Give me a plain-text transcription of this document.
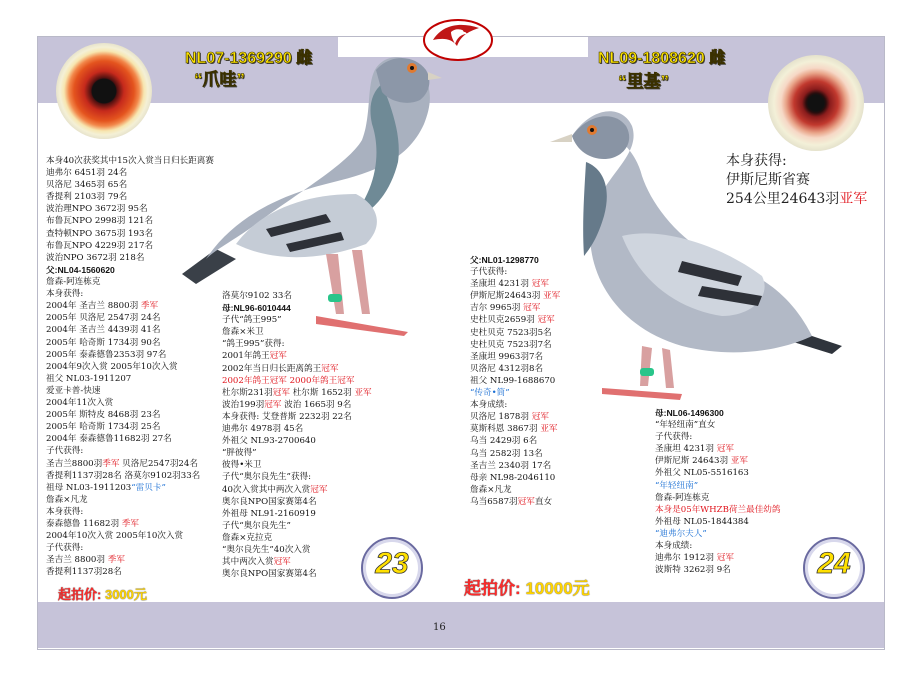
NL07-1369290 雌
“爪哇”
NL09-1808620 雌
“里基”
本身40次获奖其中15次入赏当日归长距离赛
迪弗尔 6451羽 24名
贝洛尼 3465羽 65名
香提利 2103羽 79名
波治理NPO 3672羽 95名
布鲁瓦NPO 2998羽 121名
查特顿NPO 3675羽 193名
布鲁瓦NPO 4229羽 217名
波治NPO 3672羽 218名
父:NL04-1560620
詹森-阿连栋克
本身获得:
2004年 圣吉兰 8800羽 季军
2005年 贝洛尼 2547羽 24名
2004年 圣吉兰 4439羽 41名
2005年 哈奇斯 1734羽 90名
2005年 泰森德鲁2353羽 97名
2004年9次入赏 2005年10次入赏
祖父 NL03-1911207
爱亚卡普-快速
2004年11次入赏
2005年 斯特皮 8468羽 23名
2005年 哈奇斯 1734羽 25名
2004年 泰森德鲁11682羽 27名
子代获得:
圣吉兰8800羽季军 贝洛尼2547羽24名
香提利1137羽28名 洛莫尔9102羽33名
祖母 NL03-1911203“雷贝卡”
詹森×凡龙
本身获得:
泰森德鲁 11682羽 季军
2004年10次入赏 2005年10次入赏
子代获得:
圣吉兰 8800羽 季军
香提利1137羽28名
洛莫尔9102 33名
母:NL96-6010444
子代“鸽王995”
詹森×米卫
“鸽王995”获得:
2001年鸽王冠军
2002年当日归长距离鸽王冠军
2002年鸽王冠军 2000年鸽王冠军
杜尔斯231羽冠军 杜尔斯 1652羽 亚军
波治199羽冠军 波治 1665羽 9名
本身获得: 艾登普斯 2232羽 22名
迪弗尔 4978羽 45名
外祖父 NL93-2700640
“胖彼得”
彼得•米卫
子代“奥尔良先生”获得:
40次入赏其中两次入赏冠军
奥尔良NPO国家赛第4名
外祖母 NL91-2160919
子代“奥尔良先生”
詹森×克拉克
“奥尔良先生”40次入赏
其中两次入赏冠军
奥尔良NPO国家赛第4名
本身获得:
伊斯尼斯省赛
254公里24643羽亚军
父:NL01-1298770
子代获得:
圣康坦 4231羽 冠军
伊斯尼斯24643羽 亚军
吉尔 9965羽 冠军
史杜贝克2659羽 冠军
史杜贝克 7523羽5名
史杜贝克 7523羽7名
圣康坦 9963羽7名
贝洛尼 4312羽8名
祖父 NL99-1688670
“传奇•简”
本身成绩:
贝洛尼 1878羽 冠军
莫斯科恩 3867羽 亚军
乌当 2429羽 6名
乌当 2582羽 13名
圣吉兰 2340羽 17名
母亲 NL98-2046110
詹森×凡龙
乌当6587羽冠军直女
母:NL06-1496300
“年轻纽南”直女
子代获得:
圣康坦 4231羽 冠军
伊斯尼斯 24643羽 亚军
外祖父 NL05-5516163
“年轻纽南”
詹森-阿连栋克
本身是05年WHZB荷兰最佳幼鸽
外祖母 NL05-1844384
“迪弗尔夫人”
本身成绩:
迪弗尔 1912羽 冠军
波斯特 3262羽 9名
起拍价: 3000元	起拍价: 10000元
23	24
16
